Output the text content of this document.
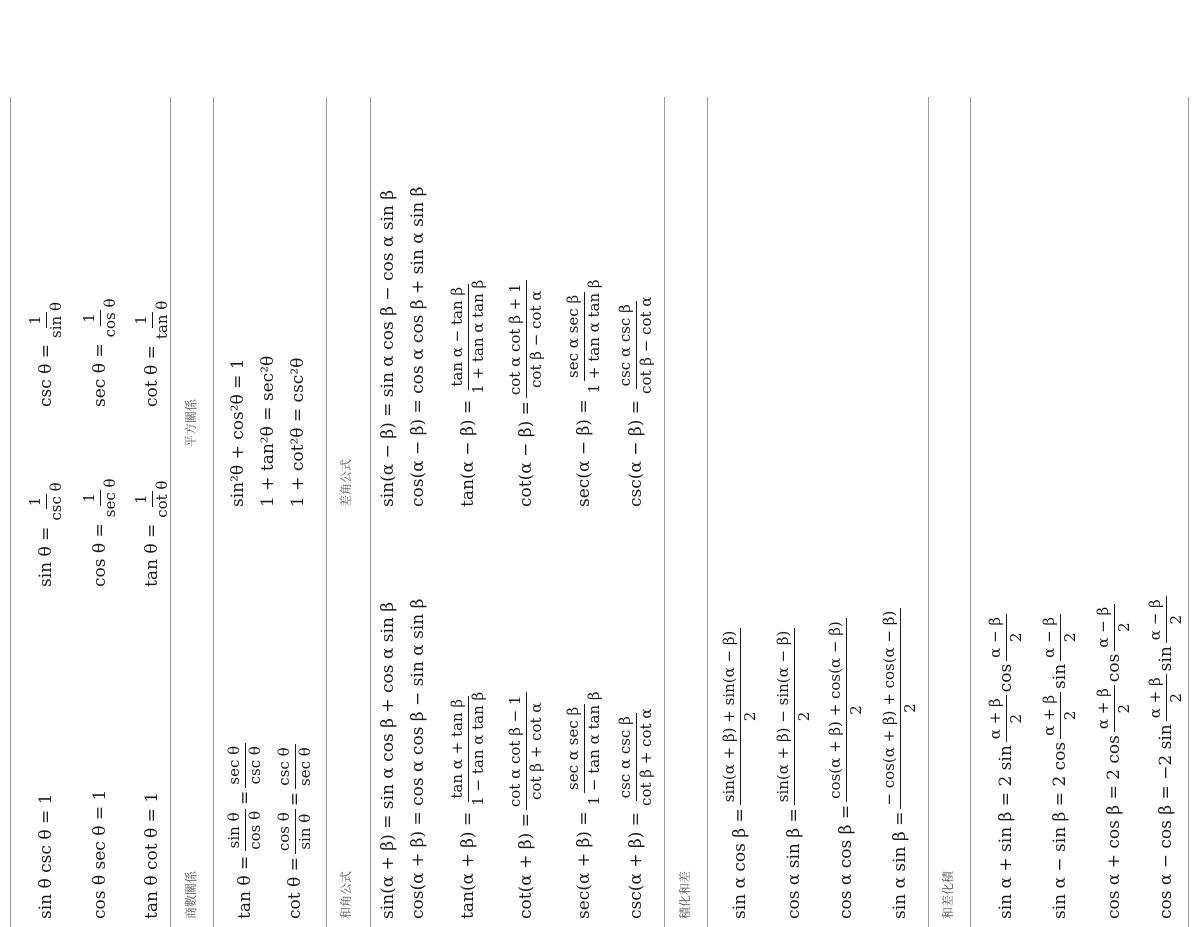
sin θ csc θ = 1
sin θ =
1 csc θ
csc θ =
1 sin θ
cos θ sec θ = 1
cos θ =
1 sec θ
sec θ =
1 cos θ
tan θ cot θ = 1
tan θ =
1 cot θ
cot θ =
1 tan θ
商數關係
平方關係
tan θ =
sin θ cos θ
=
sec θ csc θ
cot θ =
cos θ sin θ
=
csc θ sec θ
sin²θ + cos²θ = 1 1 + tan²θ = sec²θ 1 + cot²θ = csc²θ
和角公式
差角公式
sin(α + β) = sin α cos β + cos α sin β cos(α + β) = cos α cos β − sin α sin β tan(α + β) =
tan α + tan β 1 − tan α tan β
cot(α + β) =
cot α cot β − 1 cot β + cot α
sec(α + β) =
sec α sec β 1 − tan α tan β
csc(α + β) =
csc α csc β cot β + cot α
sin(α − β) = sin α cos β − cos α sin β cos(α − β) = cos α cos β + sin α sin β tan(α − β) =
tan α − tan β 1 + tan α tan β
cot(α − β) =
cot α cot β + 1 cot β − cot α
sec(α − β) =
sec α sec β 1 + tan α tan β
csc(α − β) =
csc α csc β cot β − cot α
積化和差 sin α cos β =
sin(α + β) + sin(α − β) 2
cos α sin β =
sin(α + β) − sin(α − β) 2
cos α cos β =
cos(α + β) + cos(α − β) 2
sin α sin β =
− cos(α + β) + cos(α − β) 2
和差化積 sin α + sin β = 2 sin
α + β 2
cos
α − β 2
sin α − sin β = 2 cos
α + β 2
sin
α − β 2
cos α + cos β = 2 cos
α + β 2
cos
α − β 2
cos α − cos β = −2 sin
α + β 2
sin
α − β 2
